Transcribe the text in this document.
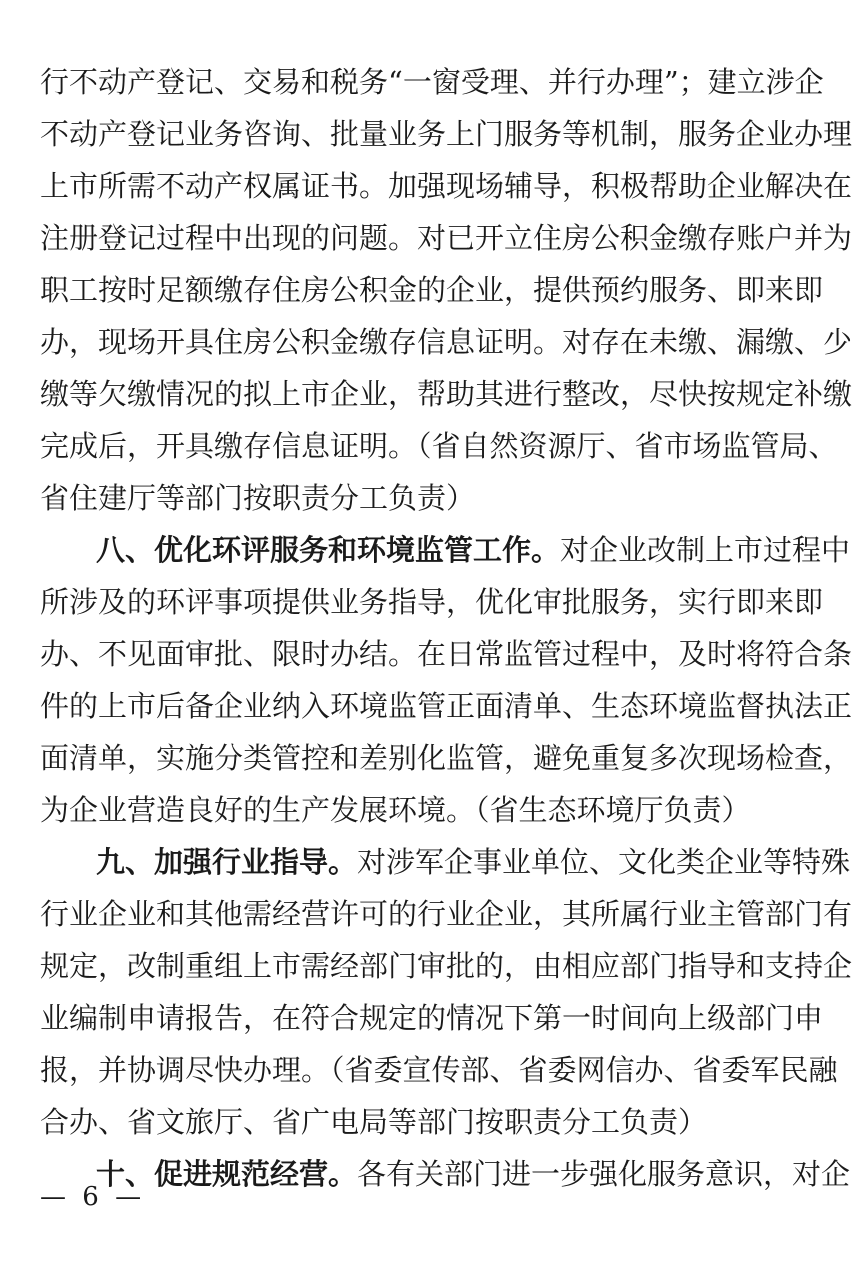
行不动产登记、交易和税务“一窗受理、并行办理”；建立涉企
不动产登记业务咨询、批量业务上门服务等机制，服务企业办理
上市所需不动产权属证书。加强现场辅导，积极帮助企业解决在
注册登记过程中出现的问题。对已开立住房公积金缴存账户并为
职工按时足额缴存住房公积金的企业，提供预约服务、即来即
办，现场开具住房公积金缴存信息证明。对存在未缴、漏缴、少
缴等欠缴情况的拟上市企业，帮助其进行整改，尽快按规定补缴
完成后，开具缴存信息证明。（省自然资源厅、省市场监管局、
省住建厅等部门按职责分工负责）
八、优化环评服务和环境监管工作。对企业改制上市过程中
所涉及的环评事项提供业务指导，优化审批服务，实行即来即
办、不见面审批、限时办结。在日常监管过程中，及时将符合条
件的上市后备企业纳入环境监管正面清单、生态环境监督执法正
面清单，实施分类管控和差别化监管，避免重复多次现场检查，
为企业营造良好的生产发展环境。（省生态环境厅负责）
九、加强行业指导。对涉军企事业单位、文化类企业等特殊
行业企业和其他需经营许可的行业企业，其所属行业主管部门有
规定，改制重组上市需经部门审批的，由相应部门指导和支持企
业编制申请报告，在符合规定的情况下第一时间向上级部门申
报，并协调尽快办理。（省委宣传部、省委网信办、省委军民融
合办、省文旅厅、省广电局等部门按职责分工负责）
十、促进规范经营。各有关部门进一步强化服务意识，对企
— 6 —
